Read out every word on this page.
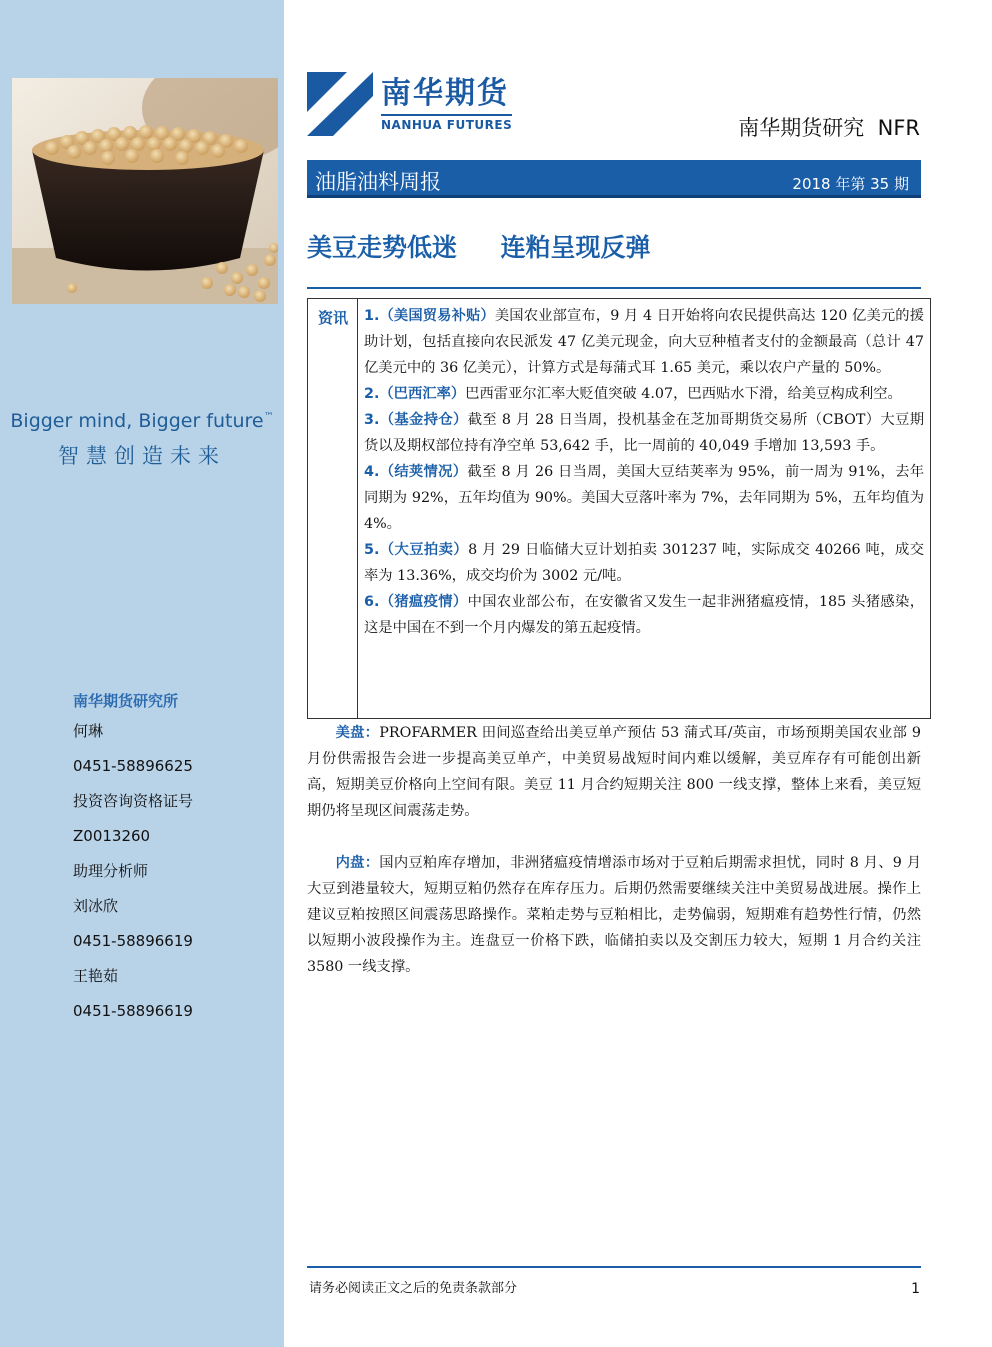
Bigger mind, Bigger future™
智慧创造未来
南华期货研究所
何琳
0451-58896625
投资咨询资格证号
Z0013260
助理分析师
刘冰欣
0451-58896619
王艳茹
0451-58896619
南华期货
NANHUA FUTURES	南华期货研究  NFR
油脂油料周报	2018 年第 35 期
美豆走势低迷     连粕呈现反弹
资讯	1.（美国贸易补贴）美国农业部宣布，9 月 4 日开始将向农民提供高达 120 亿美元的援助计划，包括直接向农民派发 47 亿美元现金，向大豆种植者支付的金额最高（总计 47 亿美元中的 36 亿美元），计算方式是每蒲式耳 1.65 美元，乘以农户产量的 50%。
2.（巴西汇率）巴西雷亚尔汇率大贬值突破 4.07，巴西贴水下滑，给美豆构成利空。
3.（基金持仓）截至 8 月 28 日当周，投机基金在芝加哥期货交易所（CBOT）大豆期货以及期权部位持有净空单 53,642 手，比一周前的 40,049 手增加 13,593 手。
4.（结荚情况）截至 8 月 26 日当周，美国大豆结荚率为 95%，前一周为 91%，去年同期为 92%，五年均值为 90%。美国大豆落叶率为 7%，去年同期为 5%，五年均值为 4%。
5.（大豆拍卖）8 月 29 日临储大豆计划拍卖 301237 吨，实际成交 40266 吨，成交率为 13.36%，成交均价为 3002 元/吨。
6.（猪瘟疫情）中国农业部公布，在安徽省又发生一起非洲猪瘟疫情，185 头猪感染，这是中国在不到一个月内爆发的第五起疫情。
美盘：PROFARMER 田间巡查给出美豆单产预估 53 蒲式耳/英亩，市场预期美国农业部 9 月份供需报告会进一步提高美豆单产，中美贸易战短时间内难以缓解，美豆库存有可能创出新高，短期美豆价格向上空间有限。美豆 11 月合约短期关注 800 一线支撑，整体上来看，美豆短期仍将呈现区间震荡走势。
内盘：国内豆粕库存增加，非洲猪瘟疫情增添市场对于豆粕后期需求担忧，同时 8 月、9 月大豆到港量较大，短期豆粕仍然存在库存压力。后期仍然需要继续关注中美贸易战进展。操作上建议豆粕按照区间震荡思路操作。菜粕走势与豆粕相比，走势偏弱，短期难有趋势性行情，仍然以短期小波段操作为主。连盘豆一价格下跌，临储拍卖以及交割压力较大，短期 1 月合约关注 3580 一线支撑。
请务必阅读正文之后的免责条款部分	1
